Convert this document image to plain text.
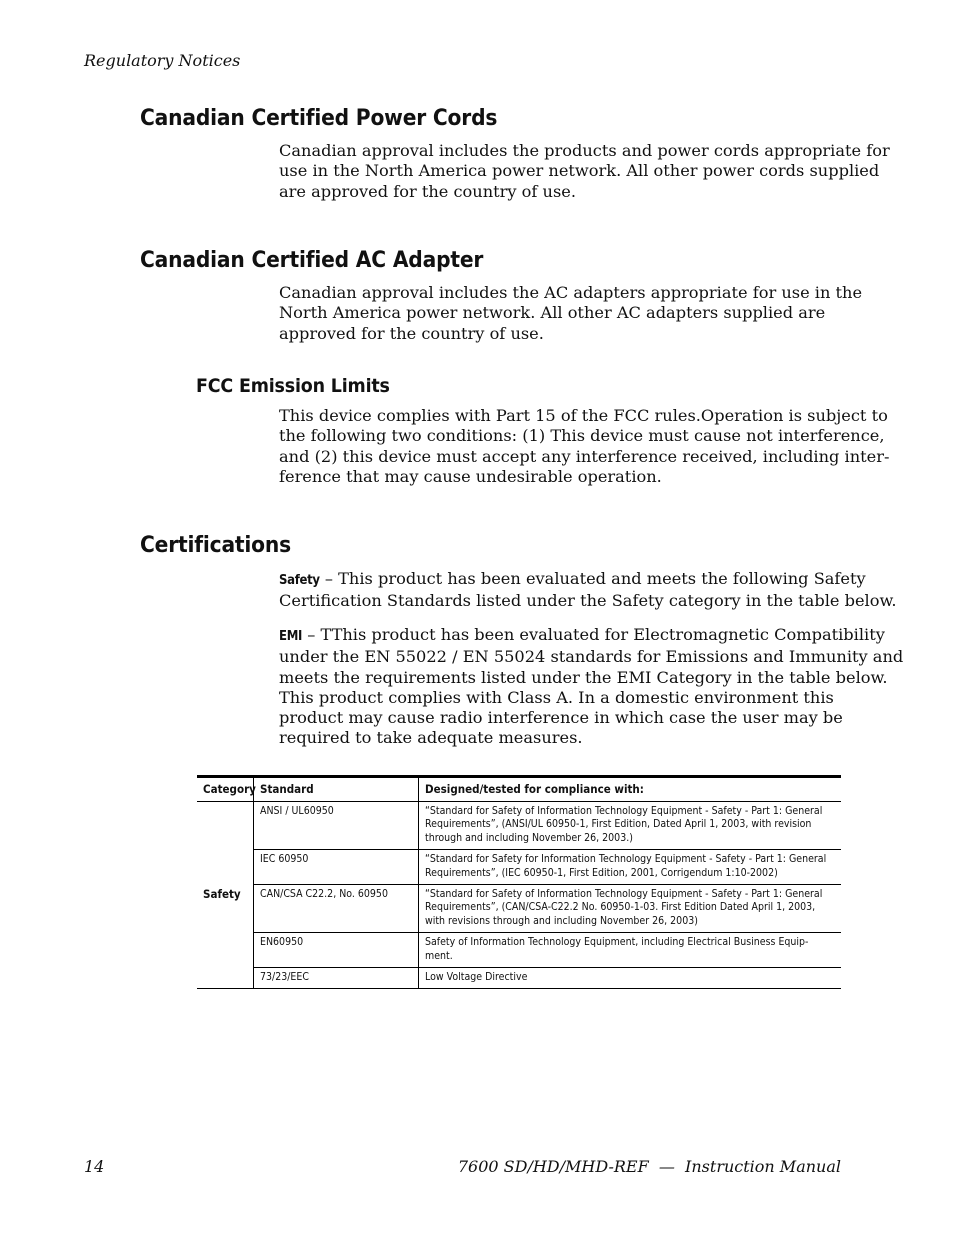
Regulatory Notices
Canadian Certified Power Cords

Canadian approval includes the products and power cords appropriate for
use in the North America power network. All other power cords supplied
are approved for the country of use.

Canadian Certified AC Adapter

Canadian approval includes the AC adapters appropriate for use in the
North America power network. All other AC adapters supplied are
approved for the country of use.

FCC Emission Limits

This device complies with Part 15 of the FCC rules.Operation is subject to
the following two conditions: (1) This device must cause not interference,
and (2) this device must accept any interference received, including inter-
ference that may cause undesirable operation.

Certifications

Safety – This product has been evaluated and meets the following Safety
Certification Standards listed under the Safety category in the table below.

EMI – TThis product has been evaluated for Electromagnetic Compatibility
under the EN 55022 / EN 55024 standards for Emissions and Immunity and
meets the requirements listed under the EMI Category in the table below.
This product complies with Class A. In a domestic environment this
product may cause radio interference in which case the user may be
required to take adequate measures.

Category	Standard	Designed/tested for compliance with:
Safety	ANSI / UL60950	“Standard for Safety of Information Technology Equipment - Safety - Part 1: General Requirements”, (ANSI/UL 60950-1, First Edition, Dated April 1, 2003, with revision through and including November 26, 2003.)
	IEC 60950	“Standard for Safety for Information Technology Equipment - Safety - Part 1: General Requirements”, (IEC 60950-1, First Edition, 2001, Corrigendum 1:10-2002)
	CAN/CSA C22.2, No. 60950	“Standard for Safety of Information Technology Equipment - Safety - Part 1: General Requirements”, (CAN/CSA-C22.2 No. 60950-1-03. First Edition Dated April 1, 2003, with revisions through and including November 26, 2003)
	EN60950	Safety of Information Technology Equipment, including Electrical Business Equip-ment.
	73/23/EEC	Low Voltage Directive
14	7600 SD/HD/MHD-REF  —  Instruction Manual
